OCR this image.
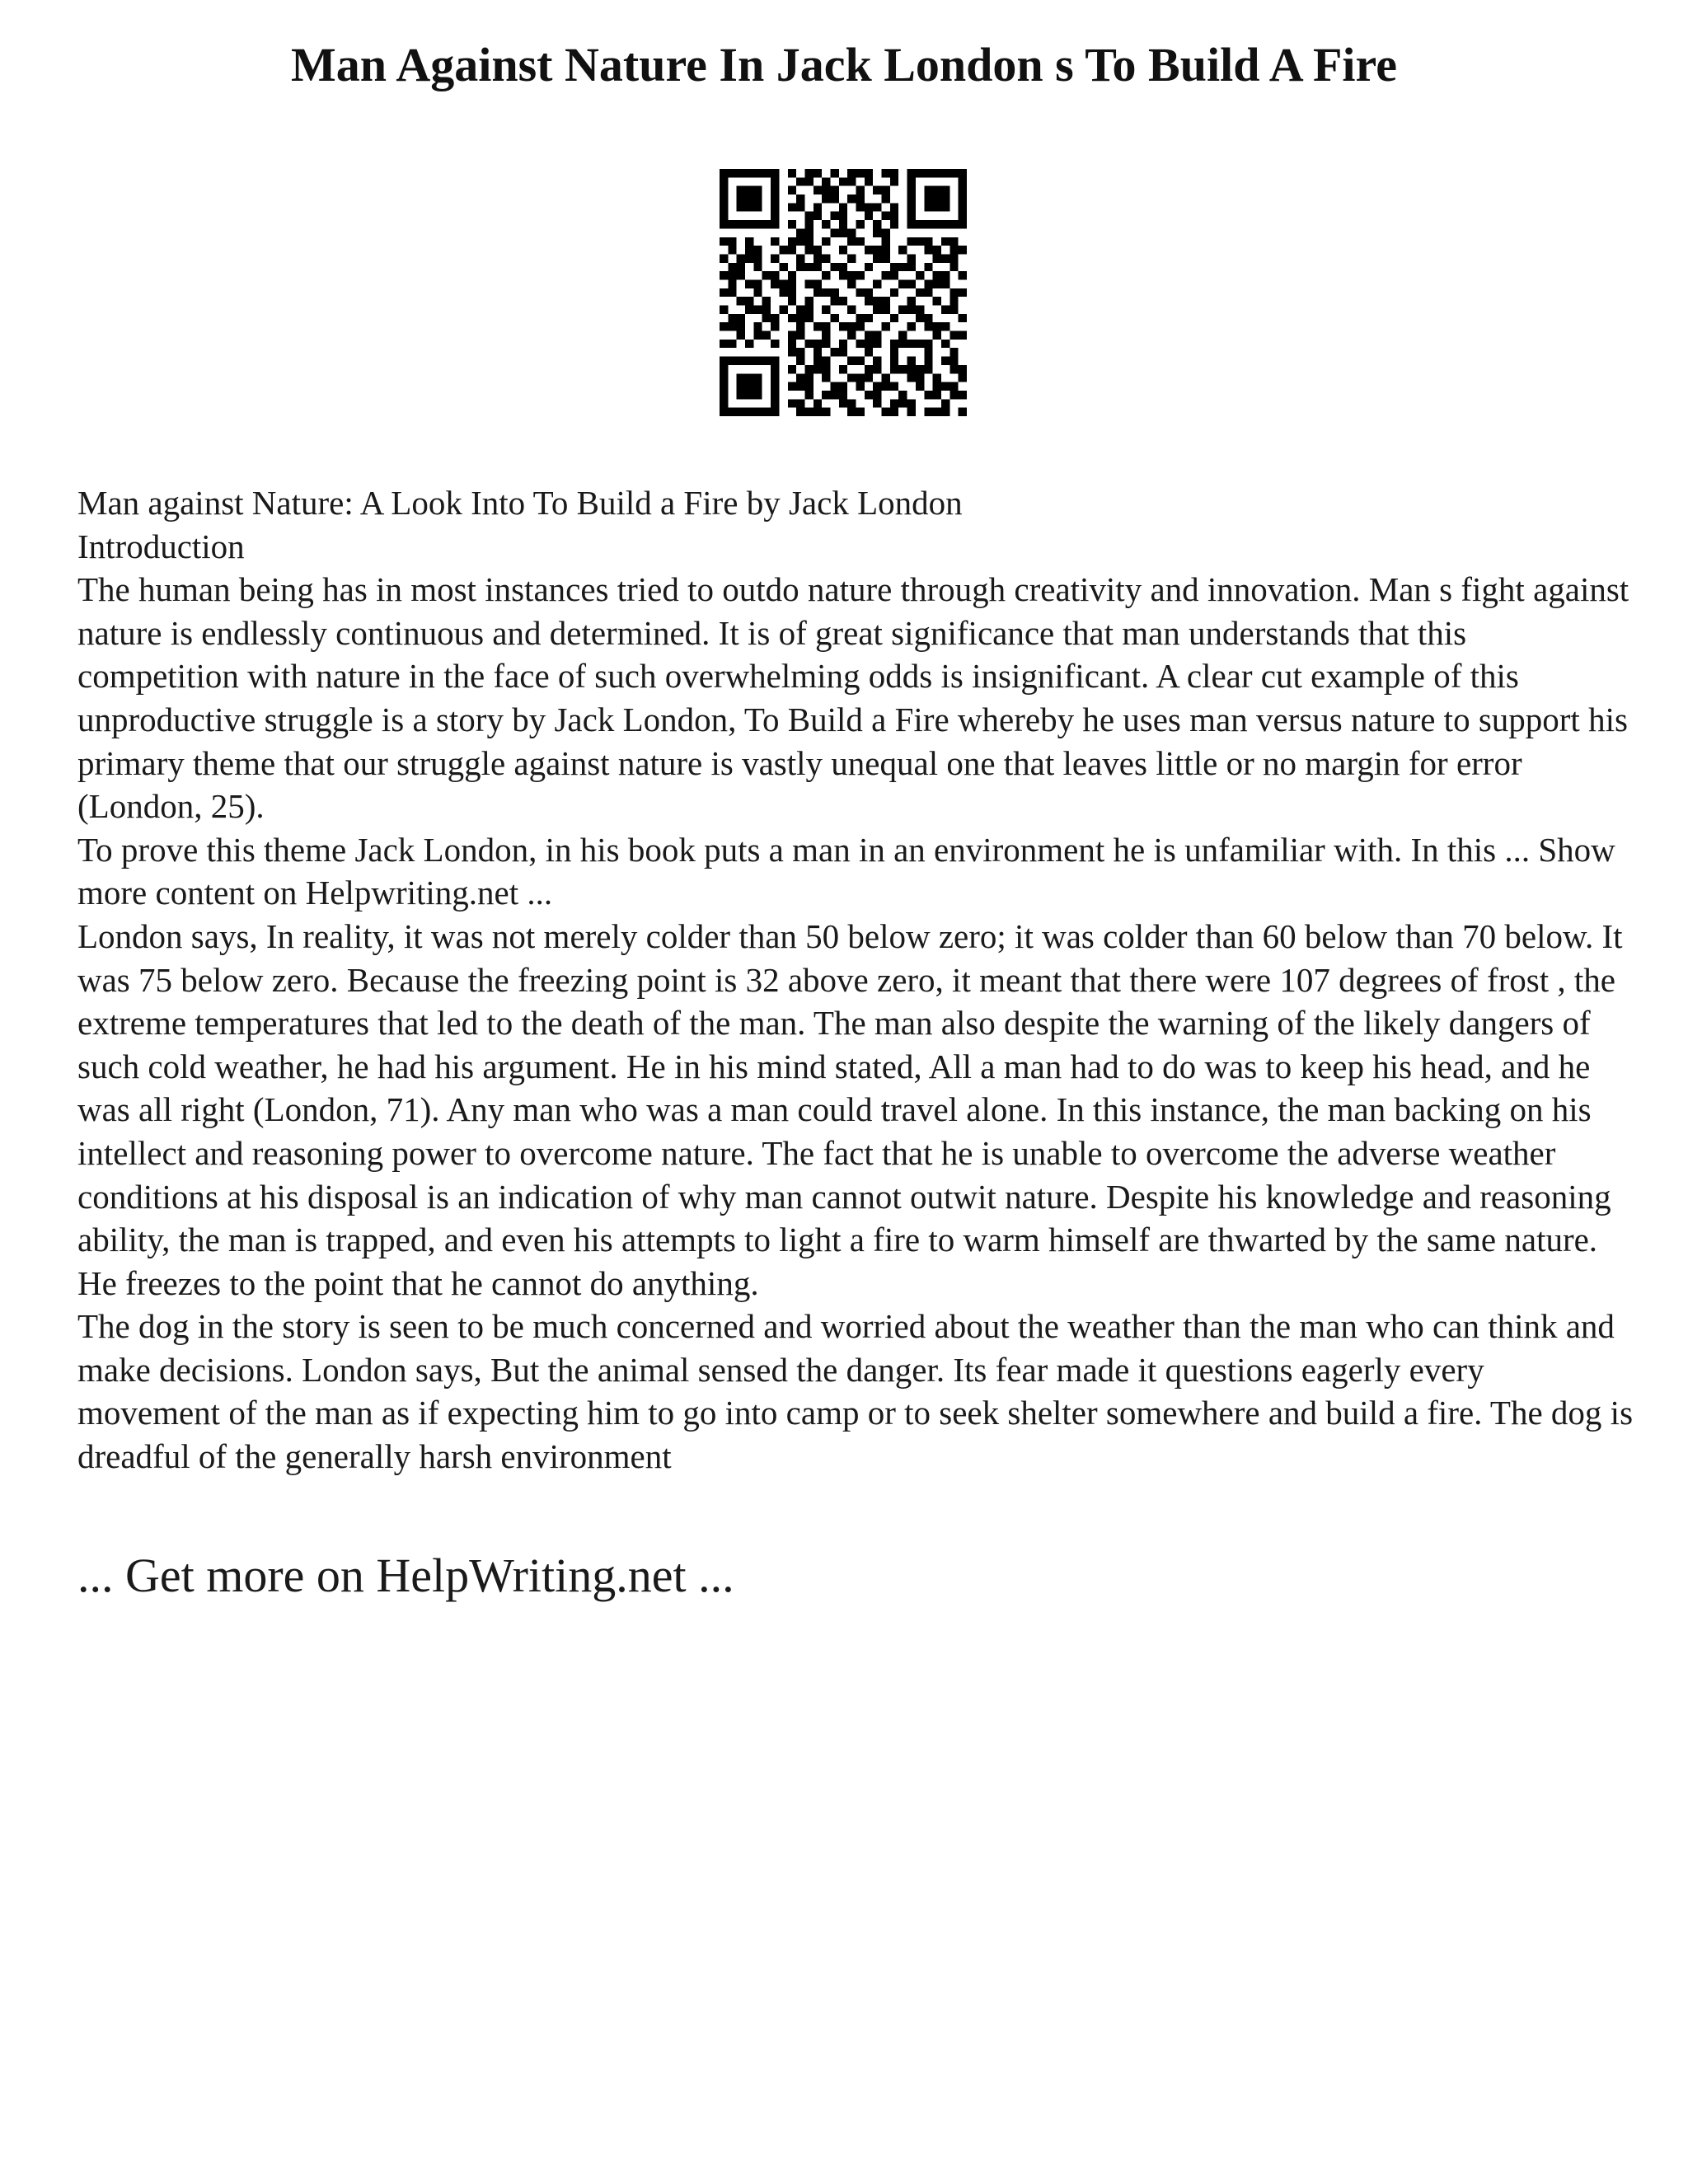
Man Against Nature In Jack London s To Build A Fire

Man against Nature: A Look Into To Build a Fire by Jack London

Introduction

The human being has in most instances tried to outdo nature through creativity and innovation. Man s fight against nature is endlessly continuous and determined. It is of great significance that man understands that this competition with nature in the face of such overwhelming odds is insignificant. A clear cut example of this unproductive struggle is a story by Jack London, To Build a Fire whereby he uses man versus nature to support his primary theme that our struggle against nature is vastly unequal one that leaves little or no margin for error (London, 25).

To prove this theme Jack London, in his book puts a man in an environment he is unfamiliar with. In this ... Show more content on Helpwriting.net ...

London says, In reality, it was not merely colder than 50 below zero; it was colder than 60 below than 70 below. It was 75 below zero. Because the freezing point is 32 above zero, it meant that there were 107 degrees of frost , the extreme temperatures that led to the death of the man. The man also despite the warning of the likely dangers of such cold weather, he had his argument. He in his mind stated, All a man had to do was to keep his head, and he was all right (London, 71). Any man who was a man could travel alone. In this instance, the man backing on his intellect and reasoning power to overcome nature. The fact that he is unable to overcome the adverse weather conditions at his disposal is an indication of why man cannot outwit nature. Despite his knowledge and reasoning ability, the man is trapped, and even his attempts to light a fire to warm himself are thwarted by the same nature. He freezes to the point that he cannot do anything.

The dog in the story is seen to be much concerned and worried about the weather than the man who can think and make decisions. London says, But the animal sensed the danger. Its fear made it questions eagerly every movement of the man as if expecting him to go into camp or to seek shelter somewhere and build a fire. The dog is dreadful of the generally harsh environment

... Get more on HelpWriting.net ...
